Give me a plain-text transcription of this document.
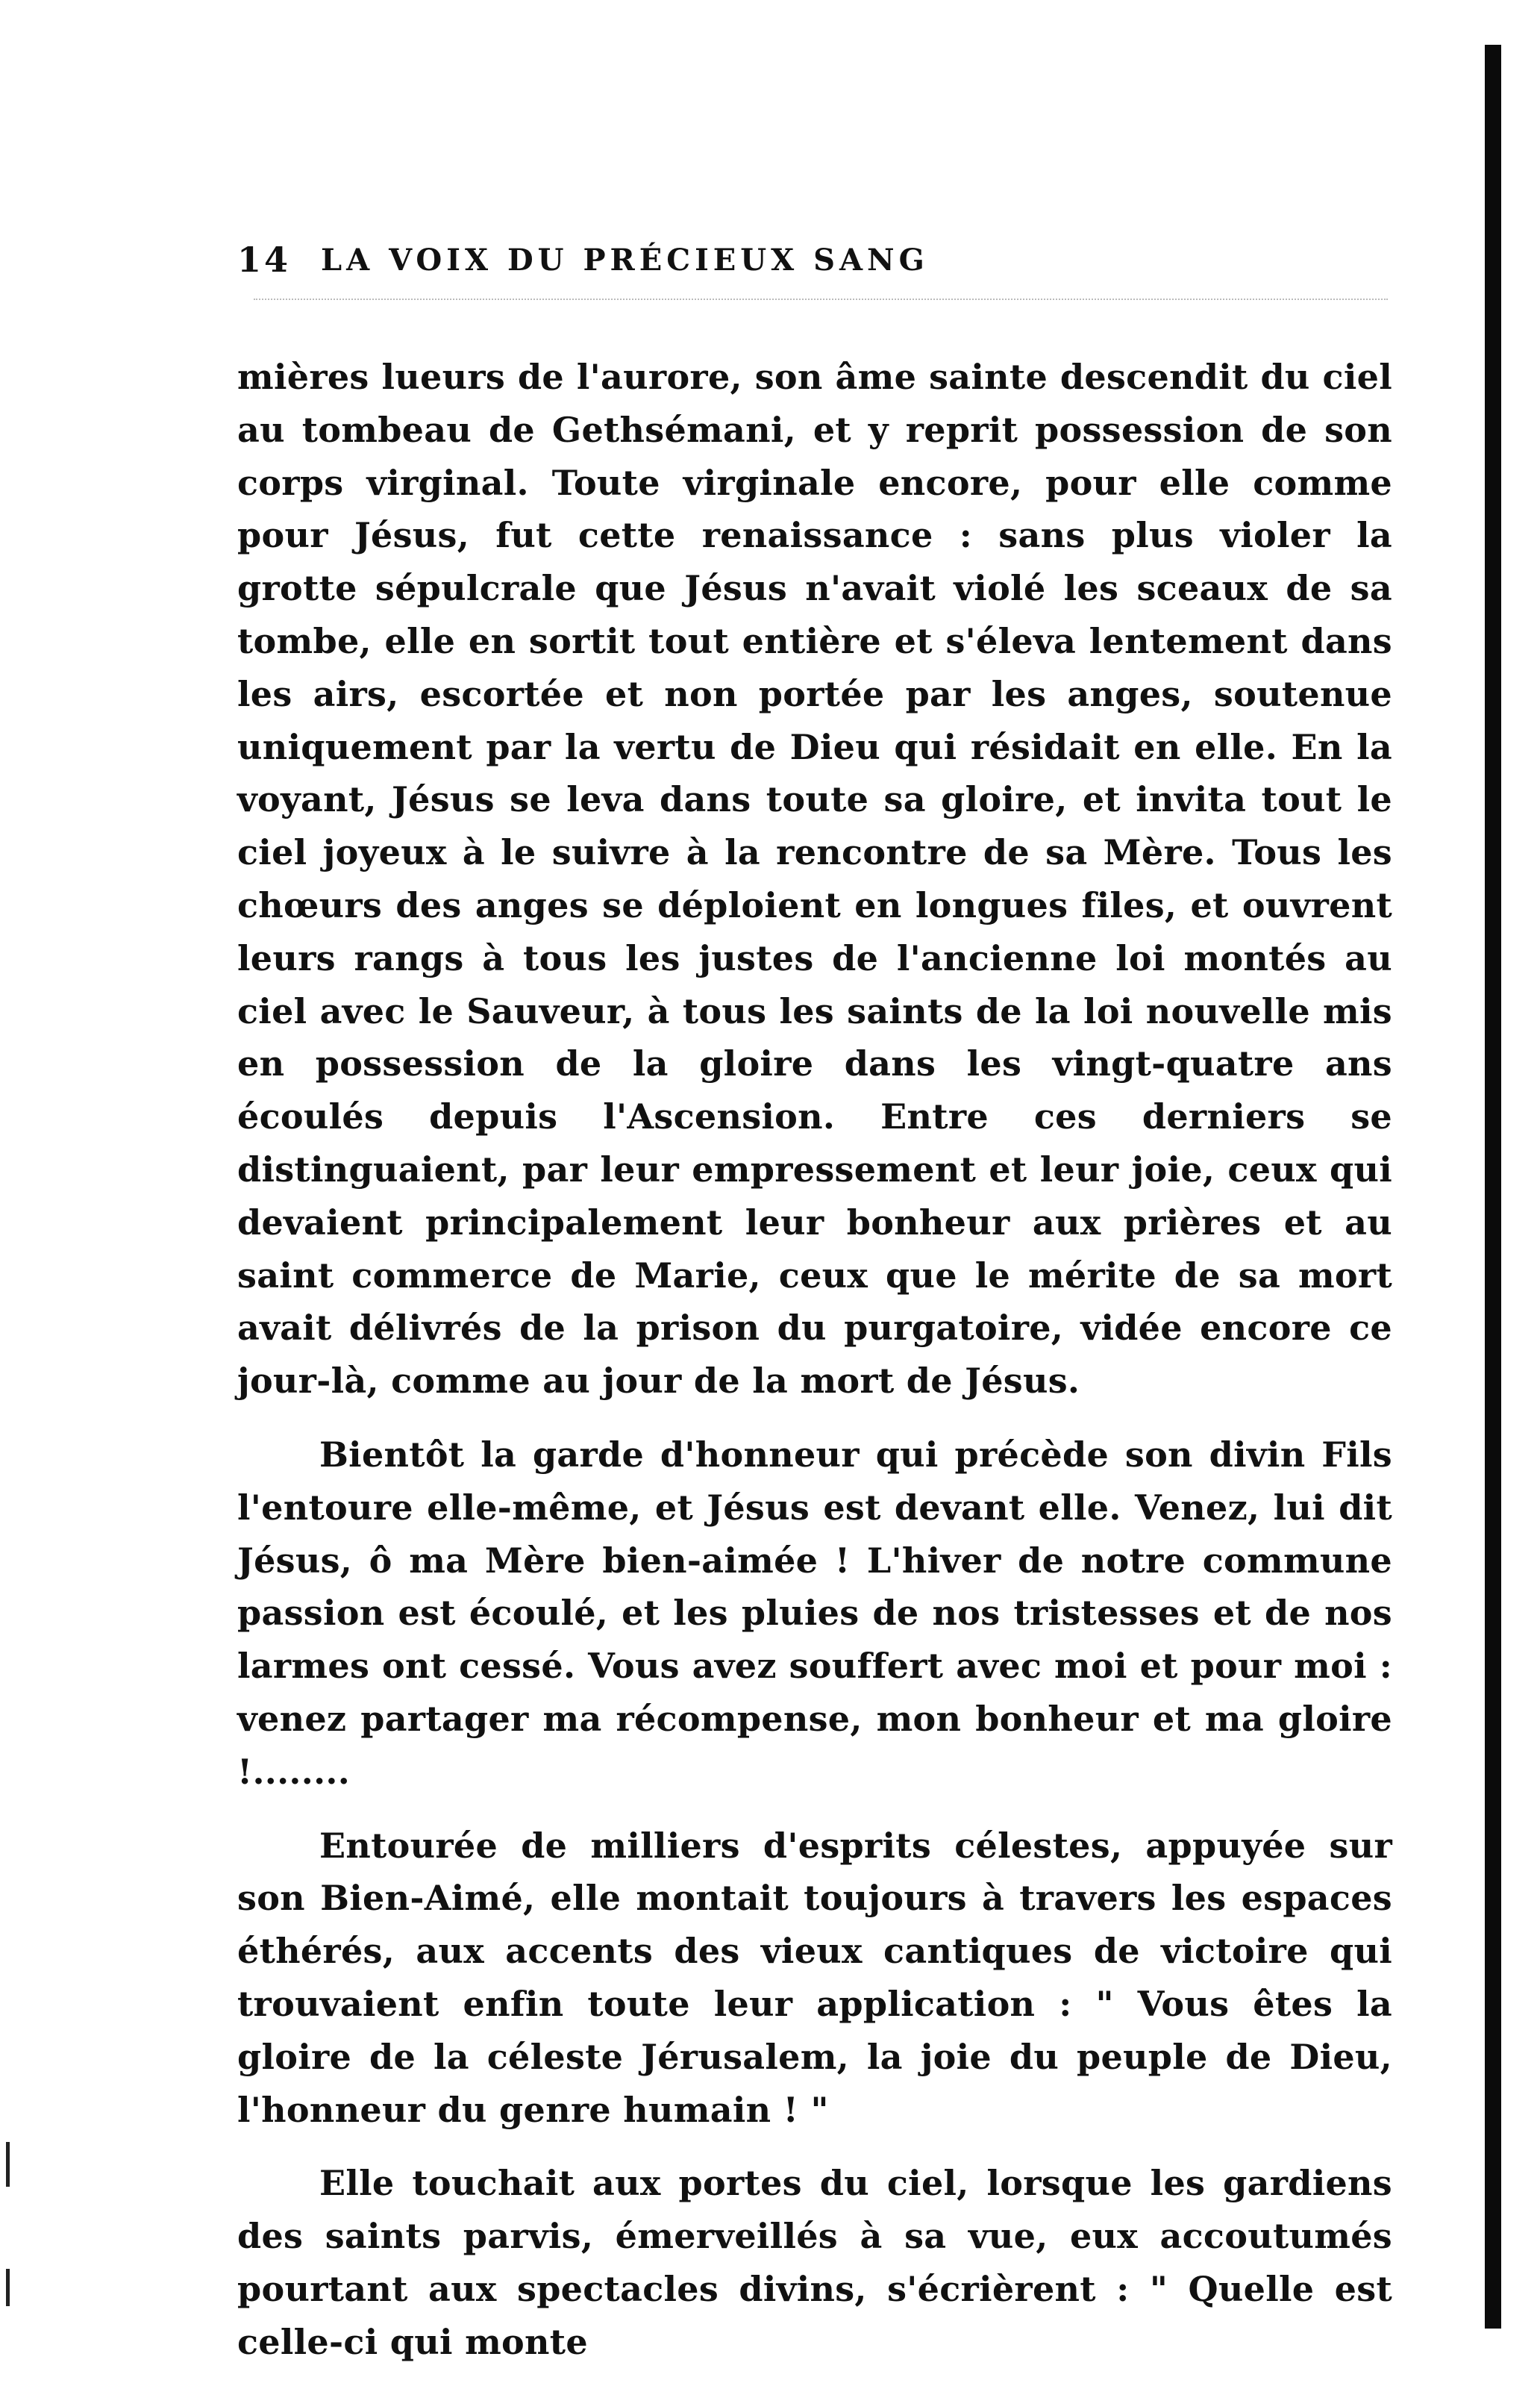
14 LA VOIX DU PRÉCIEUX SANG

mières lueurs de l'aurore, son âme sainte descendit du ciel au tombeau de Gethsémani, et y reprit possession de son corps virginal. Toute virginale encore, pour elle comme pour Jésus, fut cette renaissance : sans plus violer la grotte sépulcrale que Jésus n'avait violé les sceaux de sa tombe, elle en sortit tout entière et s'éleva lentement dans les airs, escortée et non portée par les anges, soutenue uniquement par la vertu de Dieu qui résidait en elle. En la voyant, Jésus se leva dans toute sa gloire, et invita tout le ciel joyeux à le suivre à la rencontre de sa Mère. Tous les chœurs des anges se déploient en longues files, et ouvrent leurs rangs à tous les justes de l'ancienne loi montés au ciel avec le Sauveur, à tous les saints de la loi nouvelle mis en possession de la gloire dans les vingt-quatre ans écoulés depuis l'Ascension. Entre ces derniers se distinguaient, par leur empressement et leur joie, ceux qui devaient principalement leur bonheur aux prières et au saint commerce de Marie, ceux que le mérite de sa mort avait délivrés de la prison du purgatoire, vidée encore ce jour-là, comme au jour de la mort de Jésus.

Bientôt la garde d'honneur qui précède son divin Fils l'entoure elle-même, et Jésus est devant elle. Venez, lui dit Jésus, ô ma Mère bien-aimée ! L'hiver de notre commune passion est écoulé, et les pluies de nos tristesses et de nos larmes ont cessé. Vous avez souffert avec moi et pour moi : venez partager ma récompense, mon bonheur et ma gloire !........

Entourée de milliers d'esprits célestes, appuyée sur son Bien-Aimé, elle montait toujours à travers les espaces éthérés, aux accents des vieux cantiques de victoire qui trouvaient enfin toute leur application : " Vous êtes la gloire de la céleste Jérusalem, la joie du peuple de Dieu, l'honneur du genre humain ! "

Elle touchait aux portes du ciel, lorsque les gardiens des saints parvis, émerveillés à sa vue, eux accoutumés pourtant aux spectacles divins, s'écrièrent : " Quelle est celle-ci qui monte
